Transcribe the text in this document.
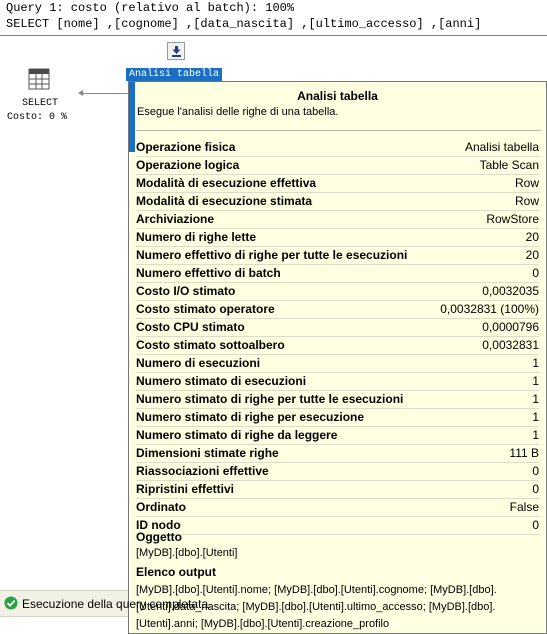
Query 1: costo (relativo al batch): 100%
SELECT [nome] ,[cognome] ,[data_nascita] ,[ultimo_accesso] ,[anni]
SELECT
Costo: 0 %
Analisi tabella
Analisi tabella
Esegue l'analisi delle righe di una tabella.
Operazione fisica	Analisi tabella
Operazione logica	Table Scan
Modalità di esecuzione effettiva	Row
Modalità di esecuzione stimata	Row
Archiviazione	RowStore
Numero di righe lette	20
Numero effettivo di righe per tutte le esecuzioni	20
Numero effettivo di batch	0
Costo I/O stimato	0,0032035
Costo stimato operatore	0,0032831 (100%)
Costo CPU stimato	0,0000796
Costo stimato sottoalbero	0,0032831
Numero di esecuzioni	1
Numero stimato di esecuzioni	1
Numero stimato di righe per tutte le esecuzioni	1
Numero stimato di righe per esecuzione	1
Numero stimato di righe da leggere	1
Dimensioni stimate righe	111 B
Riassociazioni effettive	0
Ripristini effettivi	0
Ordinato	False
ID nodo	0
Oggetto
[MyDB].[dbo].[Utenti]
Elenco output
[MyDB].[dbo].[Utenti].nome; [MyDB].[dbo].[Utenti].cognome; [MyDB].[dbo].[Utenti].data_nascita; [MyDB].[dbo].[Utenti].ultimo_accesso; [MyDB].[dbo].[Utenti].anni; [MyDB].[dbo].[Utenti].creazione_profilo
Esecuzione della query completata.
